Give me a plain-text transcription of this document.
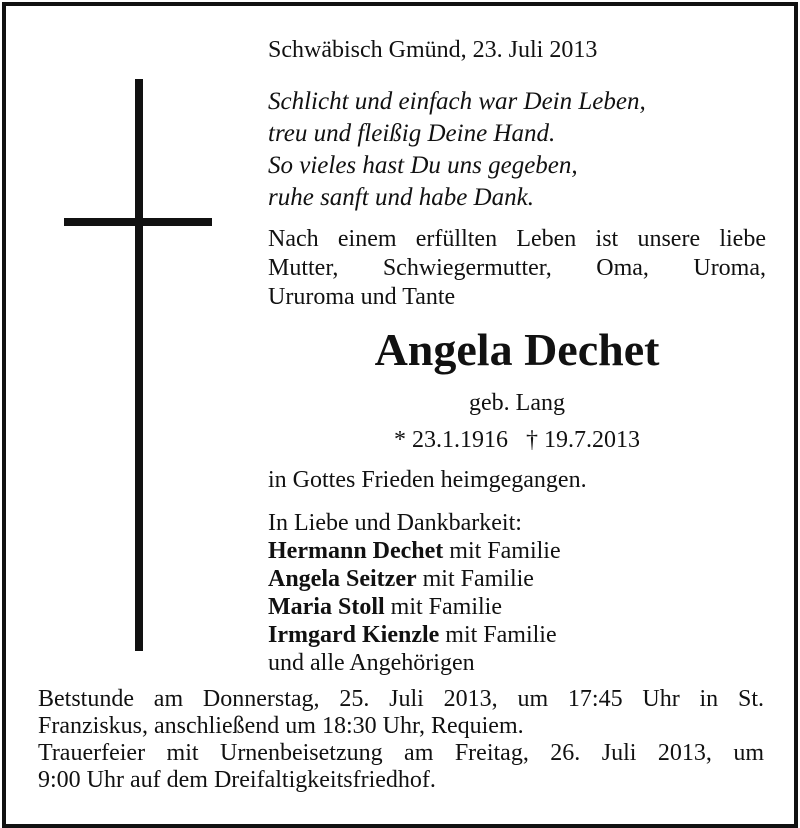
Schwäbisch Gmünd, 23. Juli 2013
Schlicht und einfach war Dein Leben,
treu und fleißig Deine Hand.
So vieles hast Du uns gegeben,
ruhe sanft und habe Dank.
Nach einem erfüllten Leben ist unsere liebe
Mutter, Schwiegermutter, Oma, Uroma,
Ururoma und Tante
Angela Dechet
geb. Lang
* 23.1.1916 † 19.7.2013
in Gottes Frieden heimgegangen.
In Liebe und Dankbarkeit:
Hermann Dechet mit Familie
Angela Seitzer mit Familie
Maria Stoll mit Familie
Irmgard Kienzle mit Familie
und alle Angehörigen
Betstunde am Donnerstag, 25. Juli 2013, um 17:45 Uhr in St.
Franziskus, anschließend um 18:30 Uhr, Requiem.
Trauerfeier mit Urnenbeisetzung am Freitag, 26. Juli 2013, um
9:00 Uhr auf dem Dreifaltigkeitsfriedhof.
